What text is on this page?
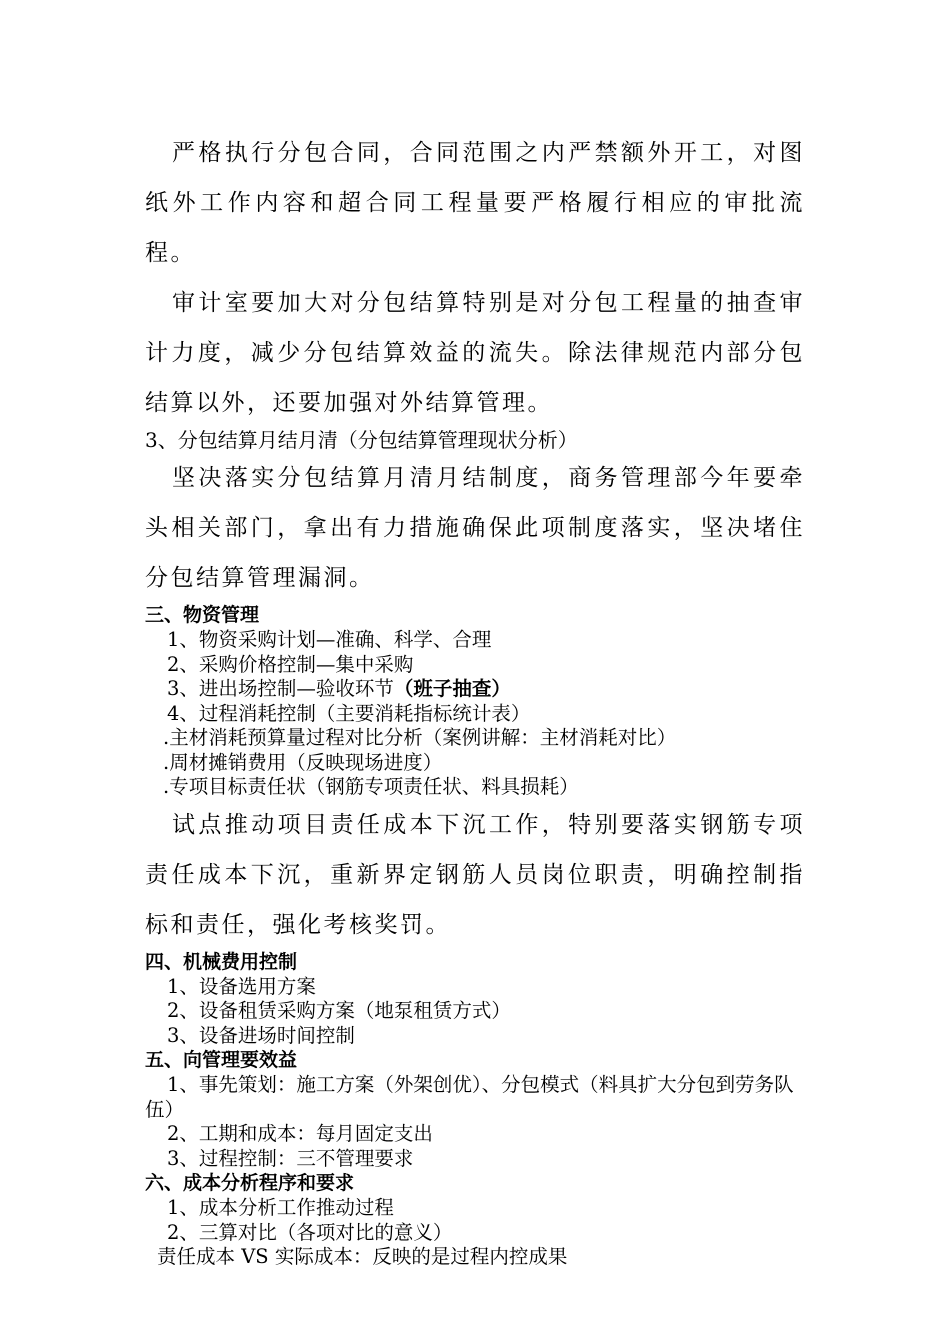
严格执行分包合同，合同范围之内严禁额外开工，对图纸外工作内容和超合同工程量要严格履行相应的审批流程。

审计室要加大对分包结算特别是对分包工程量的抽查审计力度，减少分包结算效益的流失。除法律规范内部分包结算以外，还要加强对外结算管理。

3、分包结算月结月清（分包结算管理现状分析）

坚决落实分包结算月清月结制度，商务管理部今年要牵头相关部门，拿出有力措施确保此项制度落实，坚决堵住分包结算管理漏洞。

三、物资管理

1、物资采购计划—准确、科学、合理

2、采购价格控制—集中采购

3、进出场控制—验收环节（班子抽查）

4、过程消耗控制（主要消耗指标统计表）

.主材消耗预算量过程对比分析（案例讲解：主材消耗对比）

.周材摊销费用（反映现场进度）

.专项目标责任状（钢筋专项责任状、料具损耗）

试点推动项目责任成本下沉工作，特别要落实钢筋专项责任成本下沉，重新界定钢筋人员岗位职责，明确控制指标和责任，强化考核奖罚。

四、机械费用控制

1、设备选用方案

2、设备租赁采购方案（地泵租赁方式）

3、设备进场时间控制

五、向管理要效益

1、事先策划：施工方案（外架创优）、分包模式（料具扩大分包到劳务队伍）

2、工期和成本：每月固定支出

3、过程控制：三不管理要求

六、成本分析程序和要求

1、成本分析工作推动过程

2、三算对比（各项对比的意义）

责任成本 VS 实际成本：反映的是过程内控成果
